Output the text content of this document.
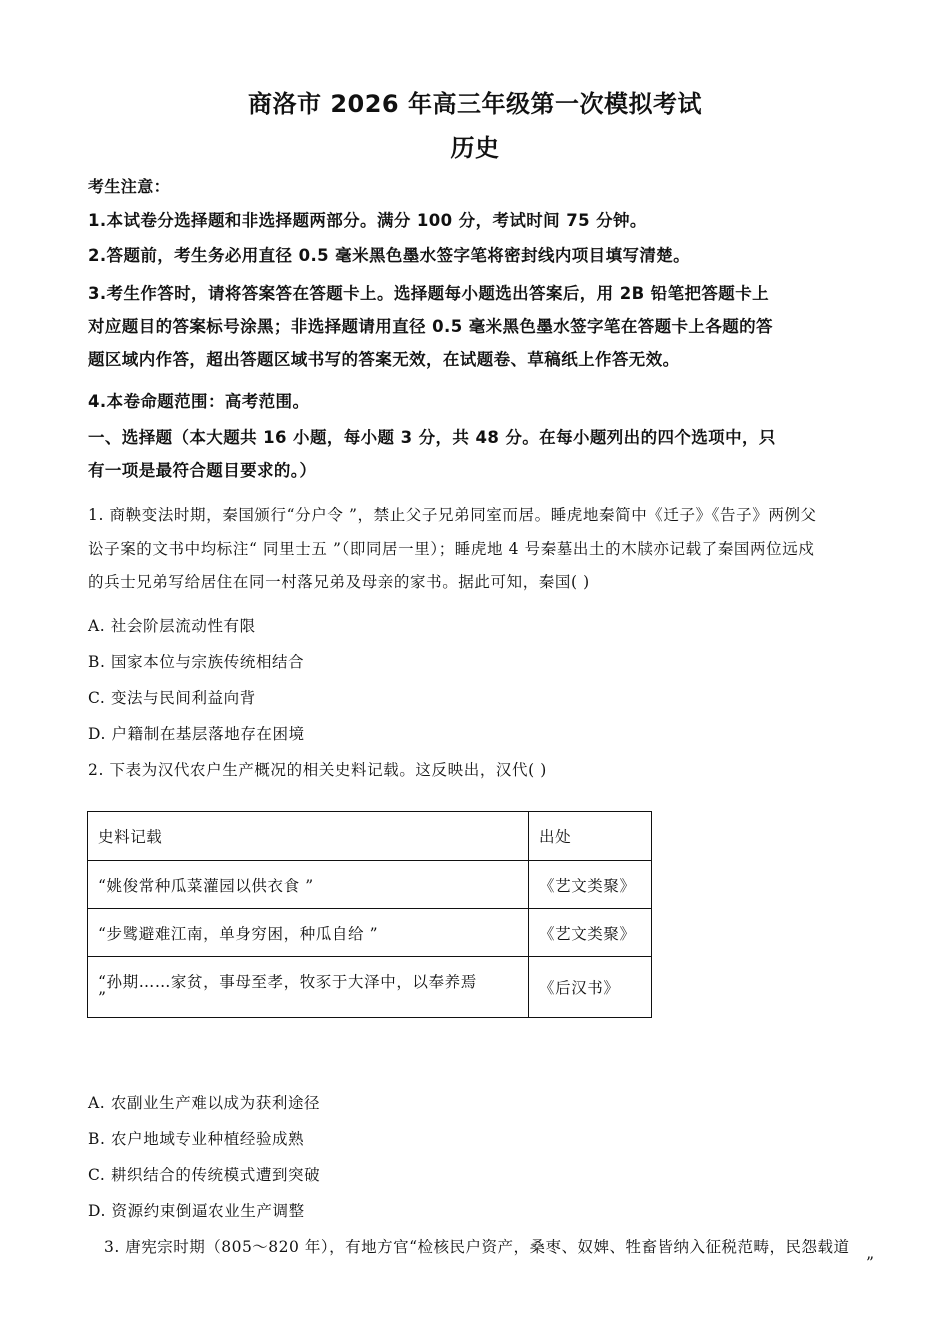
商洛市 2026 年高三年级第一次模拟考试
历史
考生注意：
1.本试卷分选择题和非选择题两部分。满分 100 分，考试时间 75 分钟。
2.答题前，考生务必用直径 0.5 毫米黑色墨水签字笔将密封线内项目填写清楚。
3.考生作答时，请将答案答在答题卡上。选择题每小题选出答案后，用 2B 铅笔把答题卡上
对应题目的答案标号涂黑；非选择题请用直径 0.5 毫米黑色墨水签字笔在答题卡上各题的答
题区域内作答，超出答题区域书写的答案无效，在试题卷、草稿纸上作答无效。
4.本卷命题范围：高考范围。
一、选择题（本大题共 16 小题，每小题 3 分，共 48 分。在每小题列出的四个选项中，只
有一项是最符合题目要求的。）
1. 商鞅变法时期，秦国颁行“分户令 ”，禁止父子兄弟同室而居。睡虎地秦简中《迁子》《告子》两例父
讼子案的文书中均标注“ 同里士五 ”（即同居一里）；睡虎地 4 号秦墓出土的木牍亦记载了秦国两位远戍
的兵士兄弟写给居住在同一村落兄弟及母亲的家书。据此可知，秦国( )
A. 社会阶层流动性有限
B. 国家本位与宗族传统相结合
C. 变法与民间利益向背
D. 户籍制在基层落地存在困境
2. 下表为汉代农户生产概况的相关史料记载。这反映出，汉代( )
史料记载	出处
“姚俊常种瓜菜灌园以供衣食 ”	《艺文类聚》
“步骘避难江南，单身穷困，种瓜自给 ”	《艺文类聚》

“孙期……家贫，事母至孝，牧豕于大泽中，以奉养焉
”	《后汉书》
A. 农副业生产难以成为获利途径
B. 农户地域专业种植经验成熟
C. 耕织结合的传统模式遭到突破
D. 资源约束倒逼农业生产调整
3. 唐宪宗时期（805～820 年），有地方官“检核民户资产，桑枣、奴婢、牲畜皆纳入征税范畴，民怨载道
”
